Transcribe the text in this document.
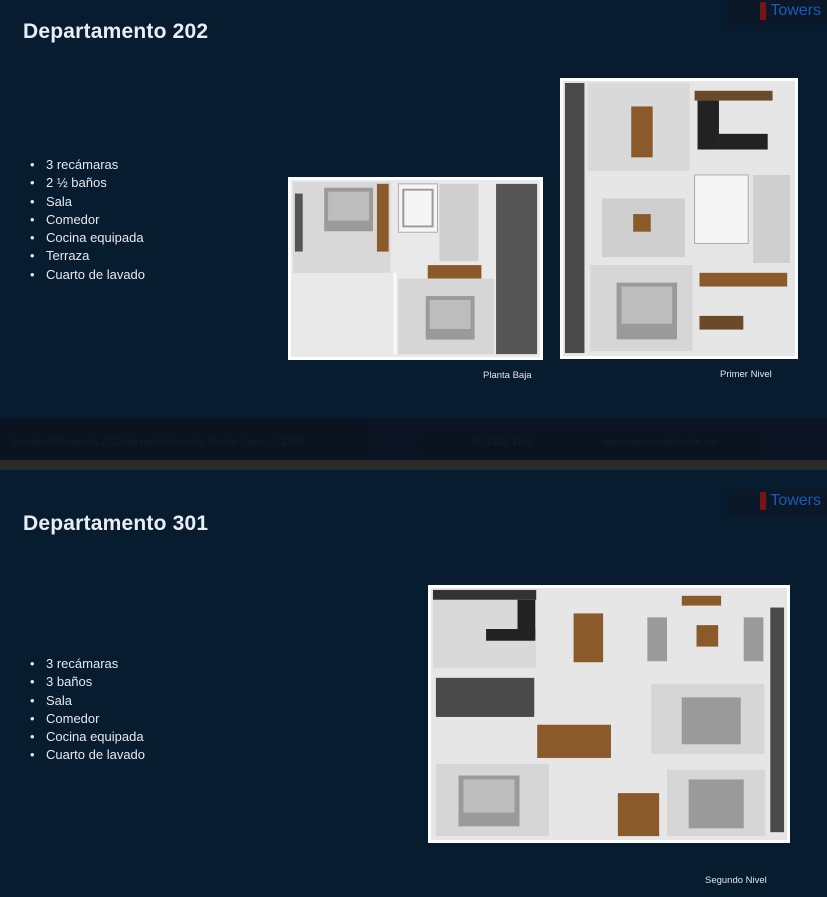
Departamento 202
Towers
• 3 recámaras
• 2 ½ baños
• Sala
• Comedor
• Cocina equipada
• Terraza
• Cuarto de lavado
Planta Baja	Primer Nivel
Departamento 301
Towers
• 3 recámaras
• 3 baños
• Sala
• Comedor
• Cocina equipada
• Cuarto de lavado
Segundo Nivel
